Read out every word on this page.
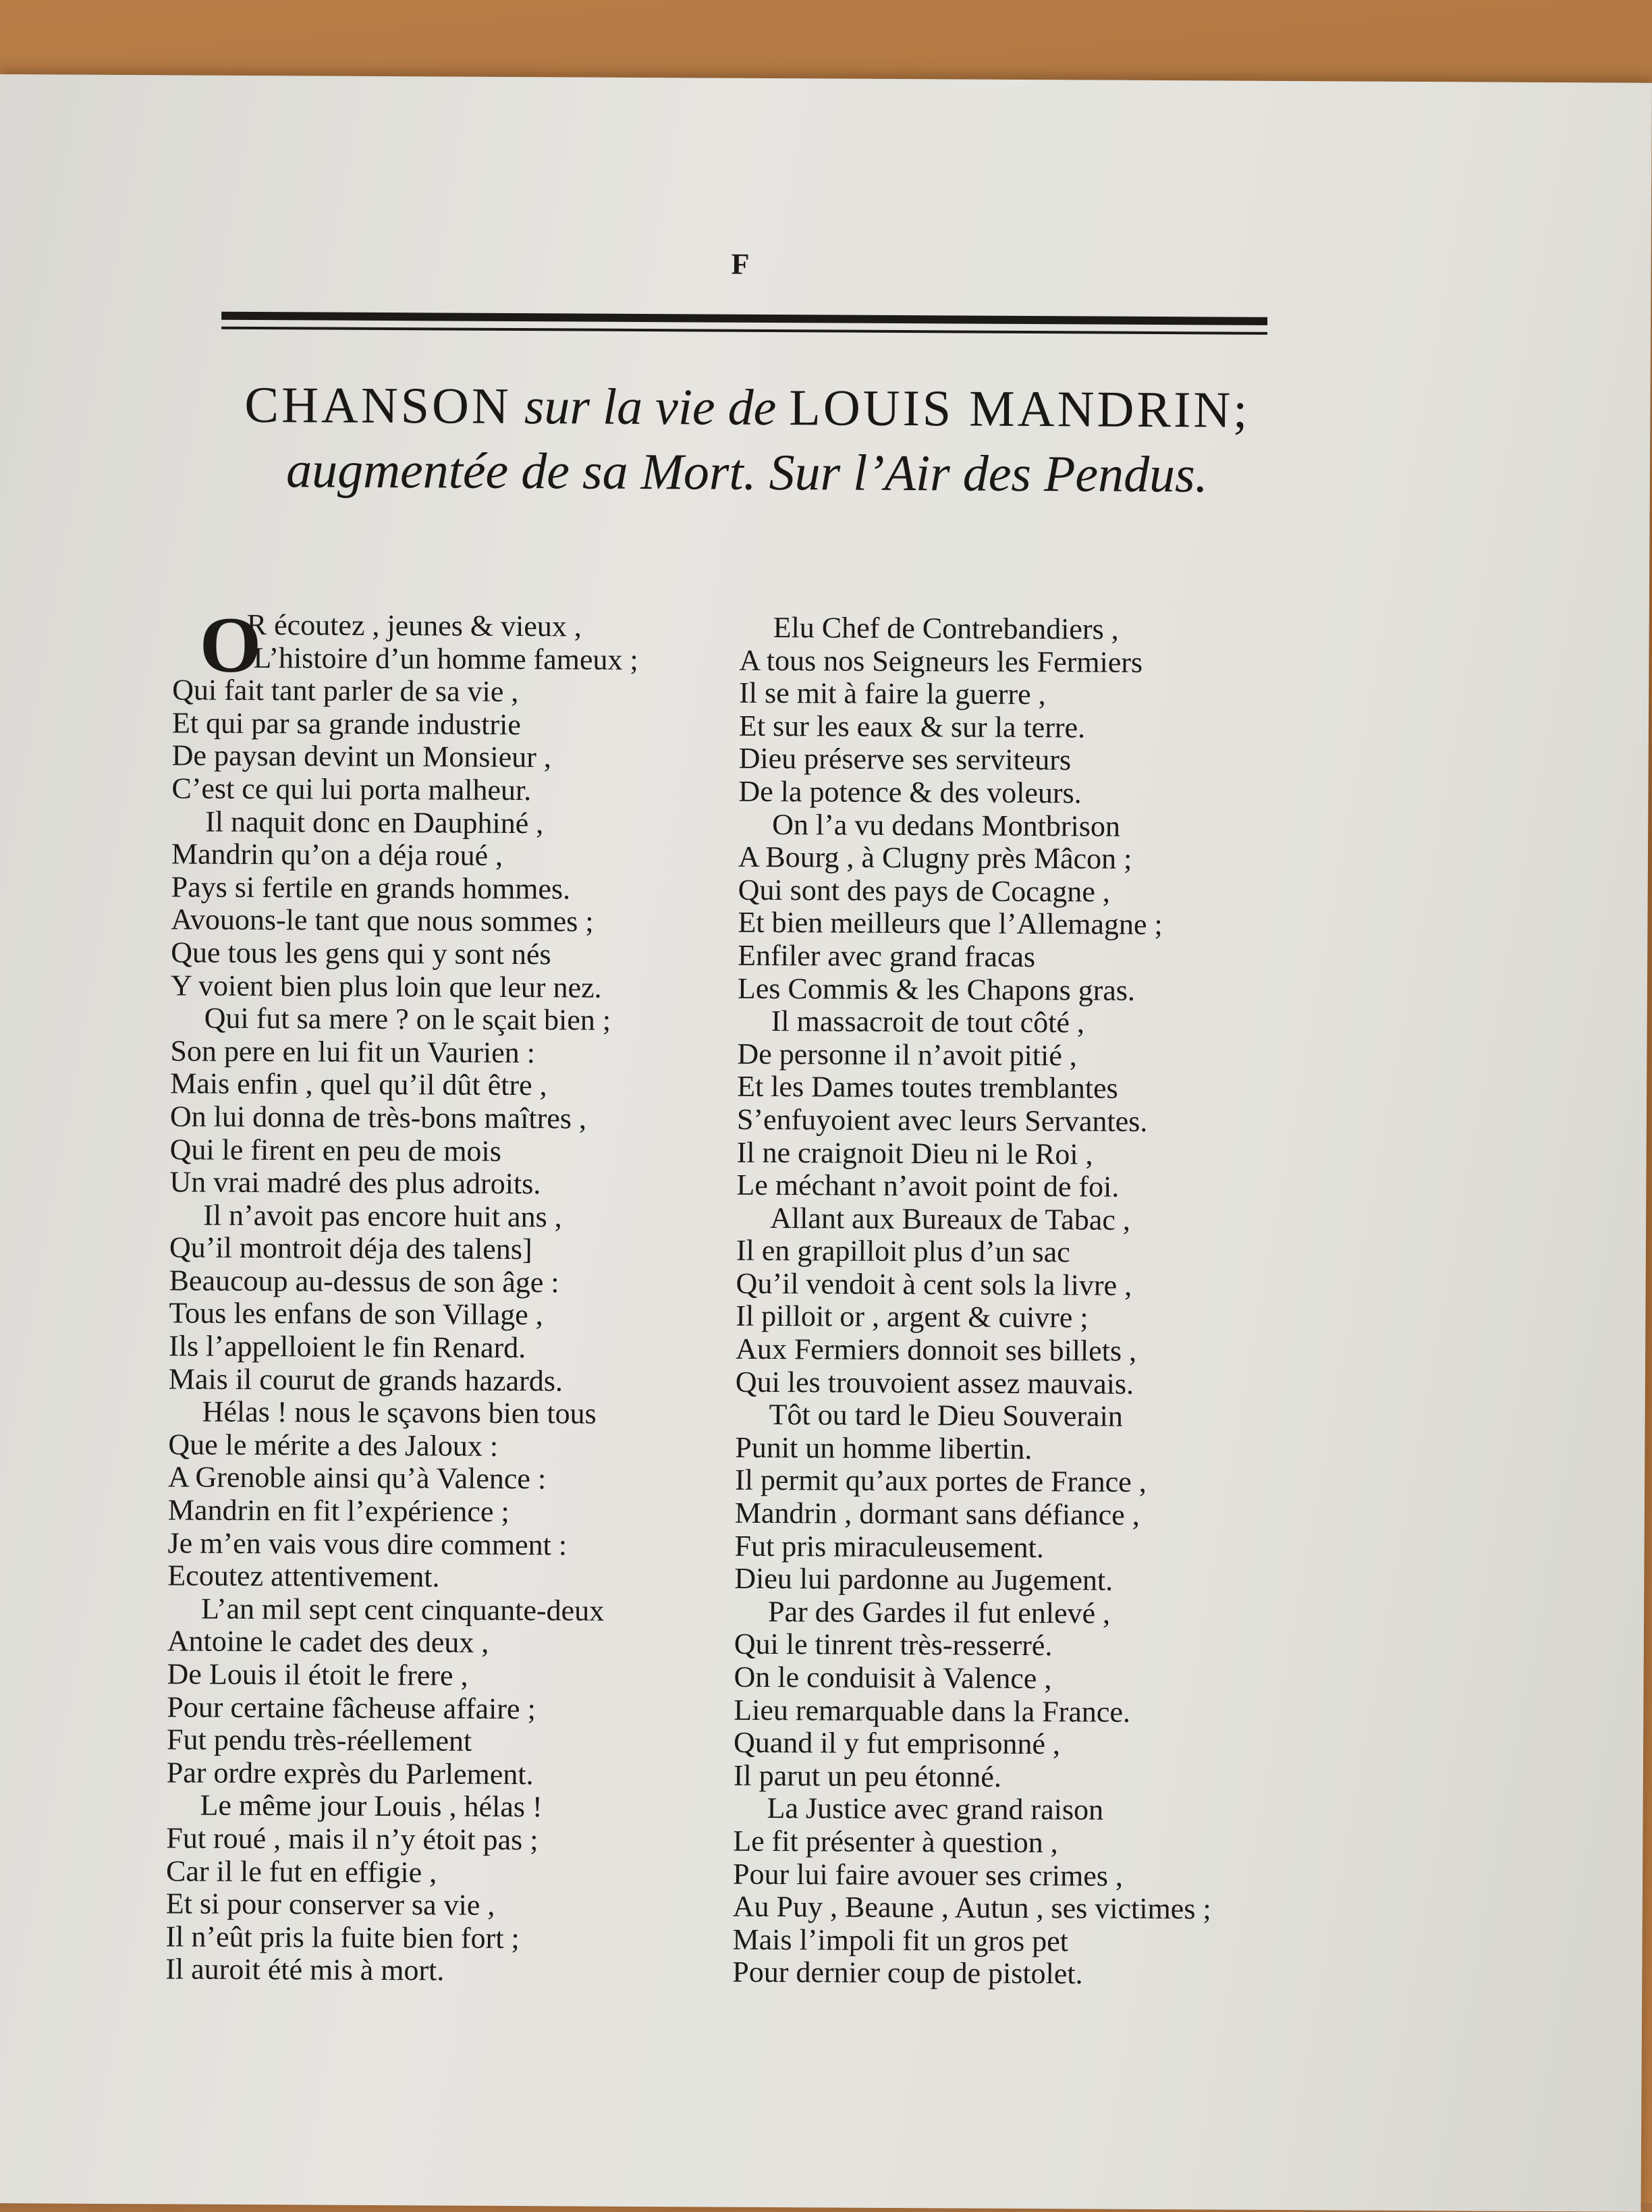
F
CHANSON sur la vie de LOUIS MANDRIN;
augmentée de sa Mort. Sur l’Air des Pendus.
O
R écoutez , jeunes & vieux ,
L’histoire d’un homme fameux ;
Qui fait tant parler de sa vie ,
Et qui par sa grande industrie
De paysan devint un Monsieur ,
C’est ce qui lui porta malheur.
Il naquit donc en Dauphiné ,
Mandrin qu’on a déja roué ,
Pays si fertile en grands hommes.
Avouons-le tant que nous sommes ;
Que tous les gens qui y sont nés
Y voient bien plus loin que leur nez.
Qui fut sa mere ? on le sçait bien ;
Son pere en lui fit un Vaurien :
Mais enfin , quel qu’il dût être ,
On lui donna de très-bons maîtres ,
Qui le firent en peu de mois
Un vrai madré des plus adroits.
Il n’avoit pas encore huit ans ,
Qu’il montroit déja des talens]
Beaucoup au-dessus de son âge :
Tous les enfans de son Village ,
Ils l’appelloient le fin Renard.
Mais il courut de grands hazards.
Hélas ! nous le sçavons bien tous
Que le mérite a des Jaloux :
A Grenoble ainsi qu’à Valence :
Mandrin en fit l’expérience ;
Je m’en vais vous dire comment :
Ecoutez attentivement.
L’an mil sept cent cinquante-deux
Antoine le cadet des deux ,
De Louis il étoit le frere ,
Pour certaine fâcheuse affaire ;
Fut pendu très-réellement
Par ordre exprès du Parlement.
Le même jour Louis , hélas !
Fut roué , mais il n’y étoit pas ;
Car il le fut en effigie ,
Et si pour conserver sa vie ,
Il n’eût pris la fuite bien fort ;
Il auroit été mis à mort.
Elu Chef de Contrebandiers ,
A tous nos Seigneurs les Fermiers
Il se mit à faire la guerre ,
Et sur les eaux & sur la terre.
Dieu préserve ses serviteurs
De la potence & des voleurs.
On l’a vu dedans Montbrison
A Bourg , à Clugny près Mâcon ;
Qui sont des pays de Cocagne ,
Et bien meilleurs que l’Allemagne ;
Enfiler avec grand fracas
Les Commis & les Chapons gras.
Il massacroit de tout côté ,
De personne il n’avoit pitié ,
Et les Dames toutes tremblantes
S’enfuyoient avec leurs Servantes.
Il ne craignoit Dieu ni le Roi ,
Le méchant n’avoit point de foi.
Allant aux Bureaux de Tabac ,
Il en grapilloit plus d’un sac
Qu’il vendoit à cent sols la livre ,
Il pilloit or , argent & cuivre ;
Aux Fermiers donnoit ses billets ,
Qui les trouvoient assez mauvais.
Tôt ou tard le Dieu Souverain
Punit un homme libertin.
Il permit qu’aux portes de France ,
Mandrin , dormant sans défiance ,
Fut pris miraculeusement.
Dieu lui pardonne au Jugement.
Par des Gardes il fut enlevé ,
Qui le tinrent très-resserré.
On le conduisit à Valence ,
Lieu remarquable dans la France.
Quand il y fut emprisonné ,
Il parut un peu étonné.
La Justice avec grand raison
Le fit présenter à question ,
Pour lui faire avouer ses crimes ,
Au Puy , Beaune , Autun , ses victimes ;
Mais l’impoli fit un gros pet
Pour dernier coup de pistolet.
